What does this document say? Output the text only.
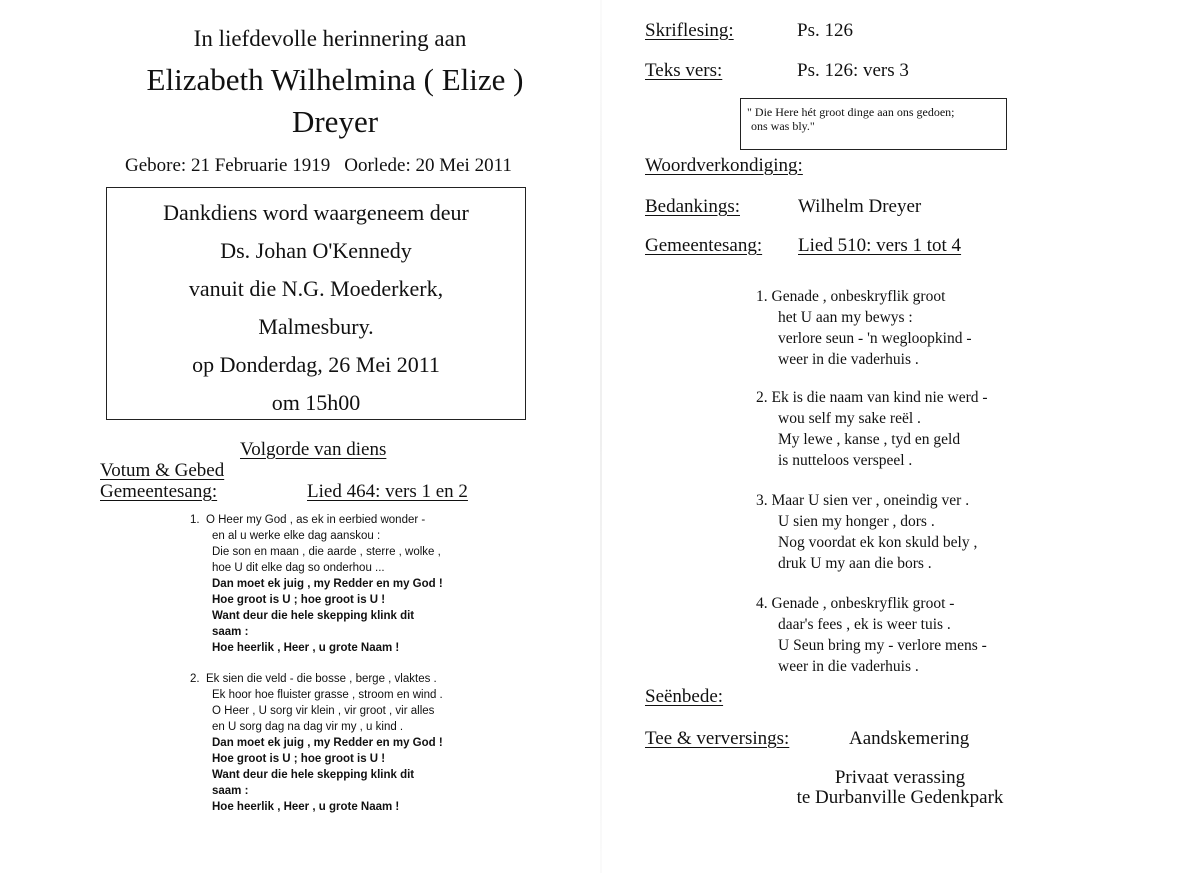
In liefdevolle herinnering aan
Elizabeth Wilhelmina ( Elize )
Dreyer
Gebore: 21 Februarie 1919 Oorlede: 20 Mei 2011
Dankdiens word waargeneem deur
Ds. Johan O'Kennedy
vanuit die N.G. Moederkerk,
Malmesbury.
op Donderdag, 26 Mei 2011
om 15h00
Volgorde van diens
Votum & Gebed
Gemeentesang:	Lied 464: vers 1 en 2
1. O Heer my God , as ek in eerbied wonder -
en al u werke elke dag aanskou :
Die son en maan , die aarde , sterre , wolke ,
hoe U dit elke dag so onderhou ...
Dan moet ek juig , my Redder en my God !
Hoe groot is U ; hoe groot is U !
Want deur die hele skepping klink dit
saam :
Hoe heerlik , Heer , u grote Naam !
2. Ek sien die veld - die bosse , berge , vlaktes .
Ek hoor hoe fluister grasse , stroom en wind .
O Heer , U sorg vir klein , vir groot , vir alles
en U sorg dag na dag vir my , u kind .
Dan moet ek juig , my Redder en my God !
Hoe groot is U ; hoe groot is U !
Want deur die hele skepping klink dit
saam :
Hoe heerlik , Heer , u grote Naam !
Skriflesing:	Ps. 126
Teks vers:	Ps. 126: vers 3
" Die Here hét groot dinge aan ons gedoen;
ons was bly."
Woordverkondiging:
Bedankings:	Wilhelm Dreyer
Gemeentesang: Lied 510: vers 1 tot 4
1. Genade , onbeskryflik groot
het U aan my bewys :
verlore seun - 'n wegloopkind -
weer in die vaderhuis .
2. Ek is die naam van kind nie werd -
wou self my sake reël .
My lewe , kanse , tyd en geld
is nutteloos verspeel .
3. Maar U sien ver , oneindig ver .
U sien my honger , dors .
Nog voordat ek kon skuld bely ,
druk U my aan die bors .
4. Genade , onbeskryflik groot -
daar's fees , ek is weer tuis .
U Seun bring my - verlore mens -
weer in die vaderhuis .
Seënbede:
Tee & verversings:	Aandskemering
Privaat verassing
te Durbanville Gedenkpark
